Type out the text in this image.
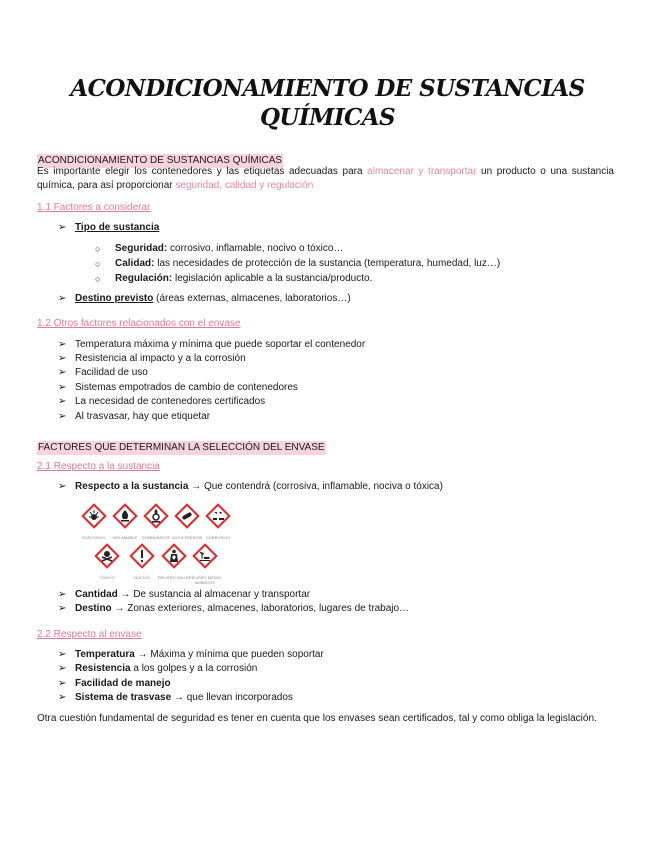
ACONDICIONAMIENTO DE SUSTANCIAS
QUÍMICAS
ACONDICIONAMIENTO DE SUSTANCIAS QUÍMICAS
Es importante elegir los contenedores y las etiquetas adecuadas para almacenar y transportar un producto o una sustancia química, para así proporcionar seguridad, calidad y regulación
1.1 Factores a considerar
➢ Tipo de sustancia
○ Seguridad: corrosivo, inflamable, nocivo o tóxico…
○ Calidad: las necesidades de protección de la sustancia (temperatura, humedad, luz…)
○ Regulación: legislación aplicable a la sustancia/producto.
➢ Destino previsto (áreas externas, almacenes, laboratorios…)
1.2 Otros factores relacionados con el envase
➢ Temperatura máxima y mínima que puede soportar el contenedor
➢ Resistencia al impacto y a la corrosión
➢ Facilidad de uso
➢ Sistemas empotrados de cambio de contenedores
➢ La necesidad de contenedores certificados
➢ Al trasvasar, hay que etiquetar
FACTORES QUE DETERMINAN LA SELECCIÓN DEL ENVASE
2.1 Respecto a la sustancia
➢ Respecto a la sustancia → Que contendrá (corrosiva, inflamable, nociva o tóxica)
EXPLOSIVO	INFLAMABLE	COMBURENTE GAS A PRESIÓN CORROSIVO
TÓXICO	NOCIVO	PELIGRO SALUD
PELIGRO MEDIO AMBIENTE
➢ Cantidad → De sustancia al almacenar y transportar
➢ Destino → Zonas exteriores, almacenes, laboratorios, lugares de trabajo…
2.2 Respecto al envase
➢ Temperatura → Máxima y mínima que pueden soportar
➢ Resistencia a los golpes y a la corrosión
➢ Facilidad de manejo
➢ Sistema de trasvase → que llevan incorporados
Otra cuestión fundamental de seguridad es tener en cuenta que los envases sean certificados, tal y como obliga la legislación.
